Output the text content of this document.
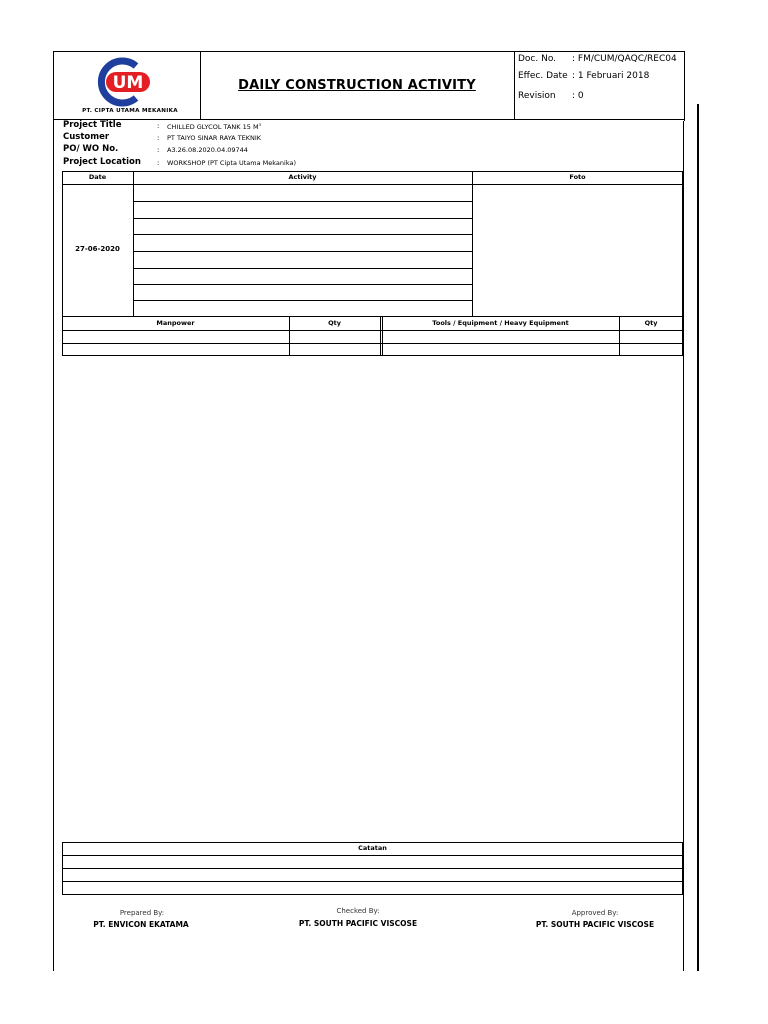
UM
PT. CIPTA UTAMA MEKANIKA
DAILY CONSTRUCTION ACTIVITY
Doc. No. : FM/CUM/QAQC/REC04
Effec. Date : 1 Februari 2018
Revision : 0
Project Title	: CHILLED GLYCOL TANK 15 $M^3$
Customer	: PT TAIYO SINAR RAYA TEKNIK
PO/ WO No.	: A3.26.08.2020.04.09744
Project Location : WORKSHOP (PT Cipta Utama Mekanika)
Date	Activity	Foto
27-06-2020
Manpower	Qty	Tools / Equipment / Heavy Equipment	Qty
Catatan
Prepared By:
PT. ENVICON EKATAMA
Checked By:
PT. SOUTH PACIFIC VISCOSE
Approved By:
PT. SOUTH PACIFIC VISCOSE
